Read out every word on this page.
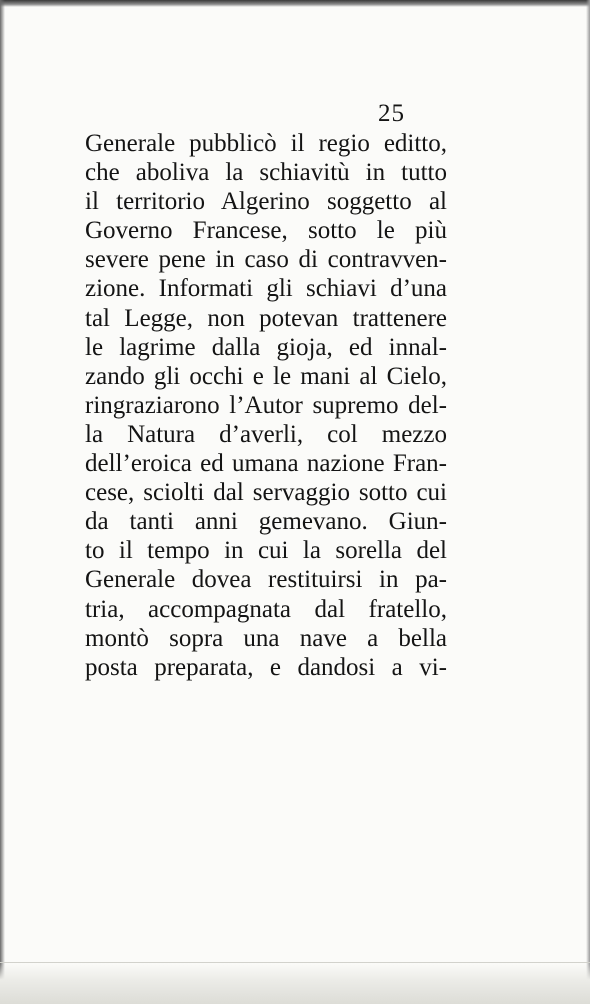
25
Generale pubblicò il regio editto,
che aboliva la schiavitù in tutto
il territorio Algerino soggetto al
Governo Francese, sotto le più
severe pene in caso di contravven-
zione. Informati gli schiavi d’una
tal Legge, non potevan trattenere
le lagrime dalla gioja, ed innal-
zando gli occhi e le mani al Cielo,
ringraziarono l’Autor supremo del-
la Natura d’averli, col mezzo
dell’eroica ed umana nazione Fran-
cese, sciolti dal servaggio sotto cui
da tanti anni gemevano. Giun-
to il tempo in cui la sorella del
Generale dovea restituirsi in pa-
tria, accompagnata dal fratello,
montò sopra una nave a bella
posta preparata, e dandosi a vi-
